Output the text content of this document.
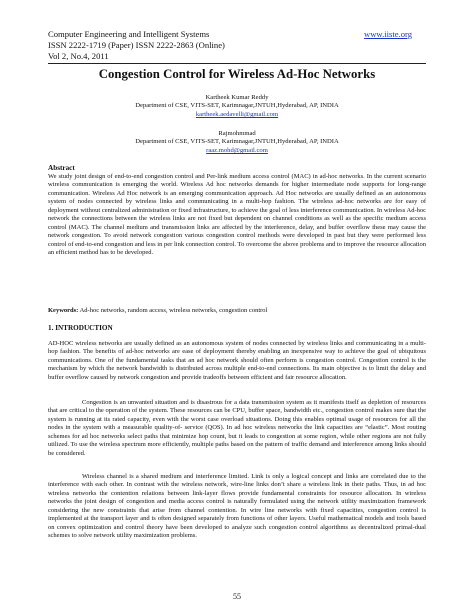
Computer Engineering and Intelligent Systems	www.iiste.org
ISSN 2222-1719 (Paper) ISSN 2222-2863 (Online)
Vol 2, No.4, 2011
Congestion Control for Wireless Ad-Hoc Networks
Kartheek Kumar Reddy
Department of CSE, VITS-SET, Karimnagar,JNTUH,Hyderabad, AP, INDIA
kartheek.aedavelli@gmail.com
Rajmohmmad
Department of CSE, VITS-SET, Karimnagar,JNTUH,Hyderabad, AP, INDIA
raaz.mohd@gmail.com
Abstract

We study joint design of end-to-end congestion control and Per-link medium access control (MAC) in ad-hoc networks. In the current scenario wireless communication is emerging the world. Wireless Ad hoc networks demands for higher intermediate node supports for long-range communication. Wireless Ad Hoc network is an emerging communication approach. Ad Hoc networks are usually defined as an autonomous system of nodes connected by wireless links and communicating in a multi-hop fashion. The wireless ad-hoc networks are for easy of deployment without centralized administration or fixed infrastructure, to achieve the goal of less interference communication. In wireless Ad-hoc network the connections between the wireless links are not fixed but dependent on channel conditions as well as the specific medium access control (MAC). The channel medium and transmission links are affected by the interference, delay, and buffer overflow these may cause the network congestion. To avoid network congestion various congestion control methods were developed in past but they were performed less control of end-to-end congestion and less in per link connection control. To overcome the above problems and to improve the resource allocation an efficient method has to be developed.

Keywords: Ad-hoc networks, random access, wireless networks, congestion control

1. INTRODUCTION

AD-HOC wireless networks are usually defined as an autonomous system of nodes connected by wireless links and communicating in a multi-hop fashion. The benefits of ad-hoc networks are ease of deployment thereby enabling an inexpensive way to achieve the goal of ubiquitous communications. One of the fundamental tasks that an ad hoc network should often perform is congestion control. Congestion control is the mechanism by which the network bandwidth is distributed across multiple end-to-end connections. Its main objective is to limit the delay and buffer overflow caused by network congestion and provide tradeoffs between efficient and fair resource allocation.

Congestion is an unwanted situation and is disastrous for a data transmission system as it manifests itself as depletion of resources that are critical to the operation of the system. These resources can be CPU, buffer space, bandwidth etc., congestion control makes sure that the system is running at its rated capacity, even with the worst case overload situations. Doing this enables optimal usage of resources for all the nodes in the system with a measurable quality-of- service (QOS). In ad hoc wireless networks the link capacities are “elastic”. Most routing schemes for ad hoc networks select paths that minimize hop count, but it leads to congestion at some region, while other regions are not fully utilized. To use the wireless spectrum more efficiently, multiple paths based on the pattern of traffic demand and interference among links should be considered.

Wireless channel is a shared medium and interference limited. Link is only a logical concept and links are correlated due to the interference with each other. In contrast with the wireless network, wire-line links don’t share a wireless link in their paths. Thus, in ad hoc wireless networks the contention relations between link-layer flows provide fundamental constraints for resource allocation. In wireless networks the joint design of congestion and media access control is naturally formulated using the network utility maximization framework considering the new constraints that arise from channel contention. In wire line networks with fixed capacities, congestion control is implemented at the transport layer and is often designed separately from functions of other layers. Useful mathematical models and tools based on convex optimization and control theory have been developed to analyze such congestion control algorithms as decentralized primal-dual schemes to solve network utility maximization problems.

55
